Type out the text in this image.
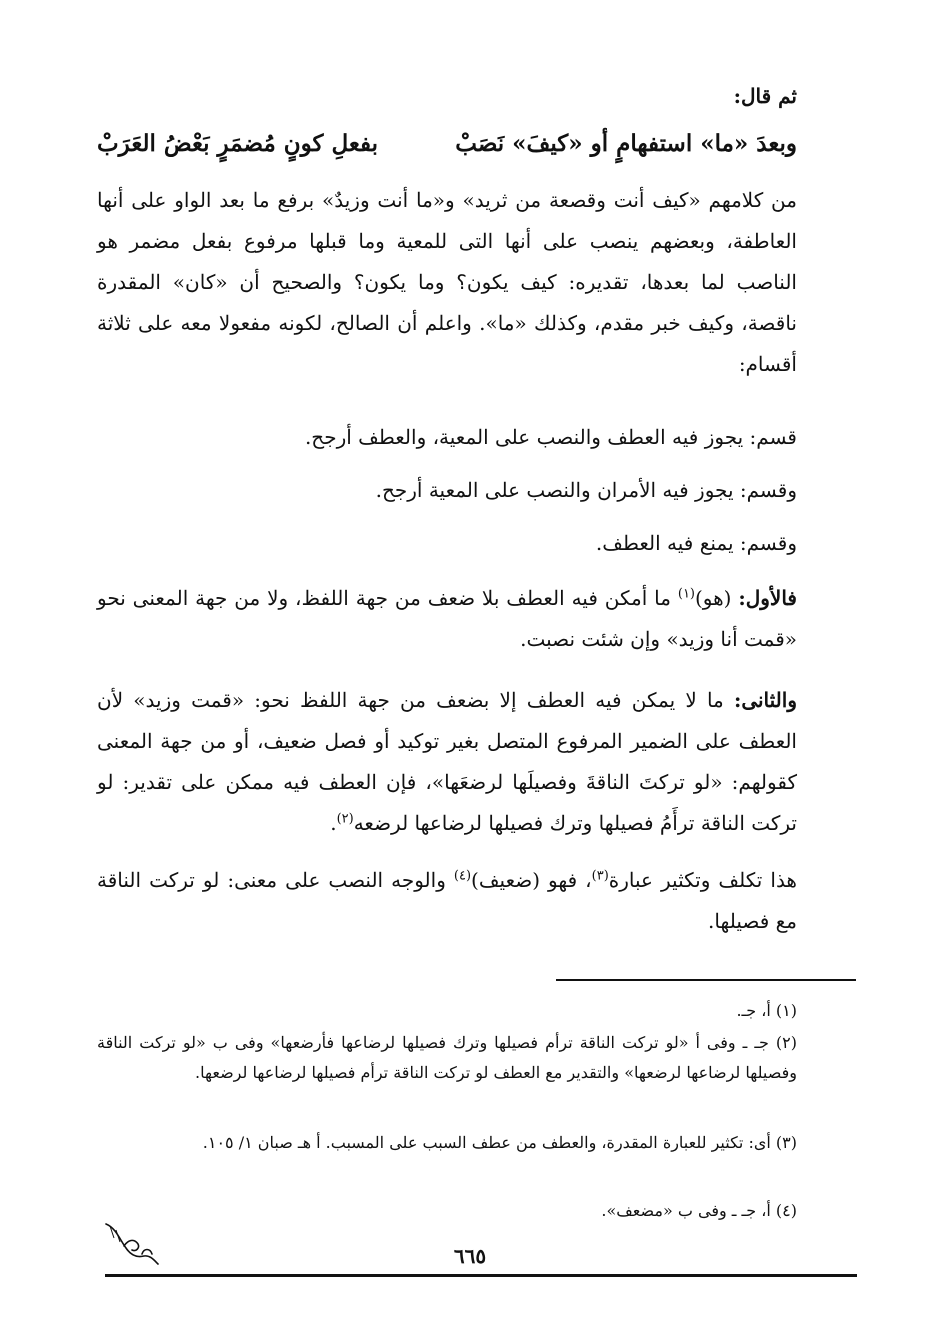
ثم قال:
وبعدَ «ما» استفهامٍ أو «كيفَ» نَصَبْ
بفعلِ كونٍ مُضمَرٍ بَعْضُ العَرَبْ
من كلامهم «كيف أنت وقصعة من ثريد» و«ما أنت وزيدٌ» برفع ما بعد الواو على أنها العاطفة، وبعضهم ينصب على أنها التى للمعية وما قبلها مرفوع بفعل مضمر هو الناصب لما بعدها، تقديره: كيف يكون؟ وما يكون؟ والصحيح أن «كان» المقدرة ناقصة، وكيف خبر مقدم، وكذلك «ما». واعلم أن الصالح، لكونه مفعولا معه على ثلاثة أقسام:
قسم: يجوز فيه العطف والنصب على المعية، والعطف أرجح.
وقسم: يجوز فيه الأمران والنصب على المعية أرجح.
وقسم: يمنع فيه العطف.
فالأول: (هو)$^{(١)}$ ما أمكن فيه العطف بلا ضعف من جهة اللفظ، ولا من جهة المعنى نحو «قمت أنا وزيد» وإن شئت نصبت.
والثانى: ما لا يمكن فيه العطف إلا بضعف من جهة اللفظ نحو: «قمت وزيد» لأن العطف على الضمير المرفوع المتصل بغير توكيد أو فصل ضعيف، أو من جهة المعنى كقولهم: «لو تركتَ الناقةَ وفصيلَها لرضعَها»، فإن العطف فيه ممكن على تقدير: لو تركت الناقة ترأَمُ فصيلها وترك فصيلها لرضاعها لرضعه$^{(٢)}$.
هذا تكلف وتكثير عبارة$^{(٣)}$، فهو (ضعيف)$^{(٤)}$ والوجه النصب على معنى: لو تركت الناقة مع فصيلها.
(١) أ، جـ.
(٢) جـ ـ وفى أ «لو تركت الناقة ترأم فصيلها وترك فصيلها لرضاعها فأرضعها» وفى ب «لو تركت الناقة وفصيلها لرضاعها لرضعها» والتقدير مع العطف لو تركت الناقة ترأم فصيلها لرضاعها لرضعها.
(٣) أى: تكثير للعبارة المقدرة، والعطف من عطف السبب على المسبب. أ هـ صبان ١/ ١٠٥.
(٤) أ، جـ ـ وفى ب «مضعف».
٦٦٥
